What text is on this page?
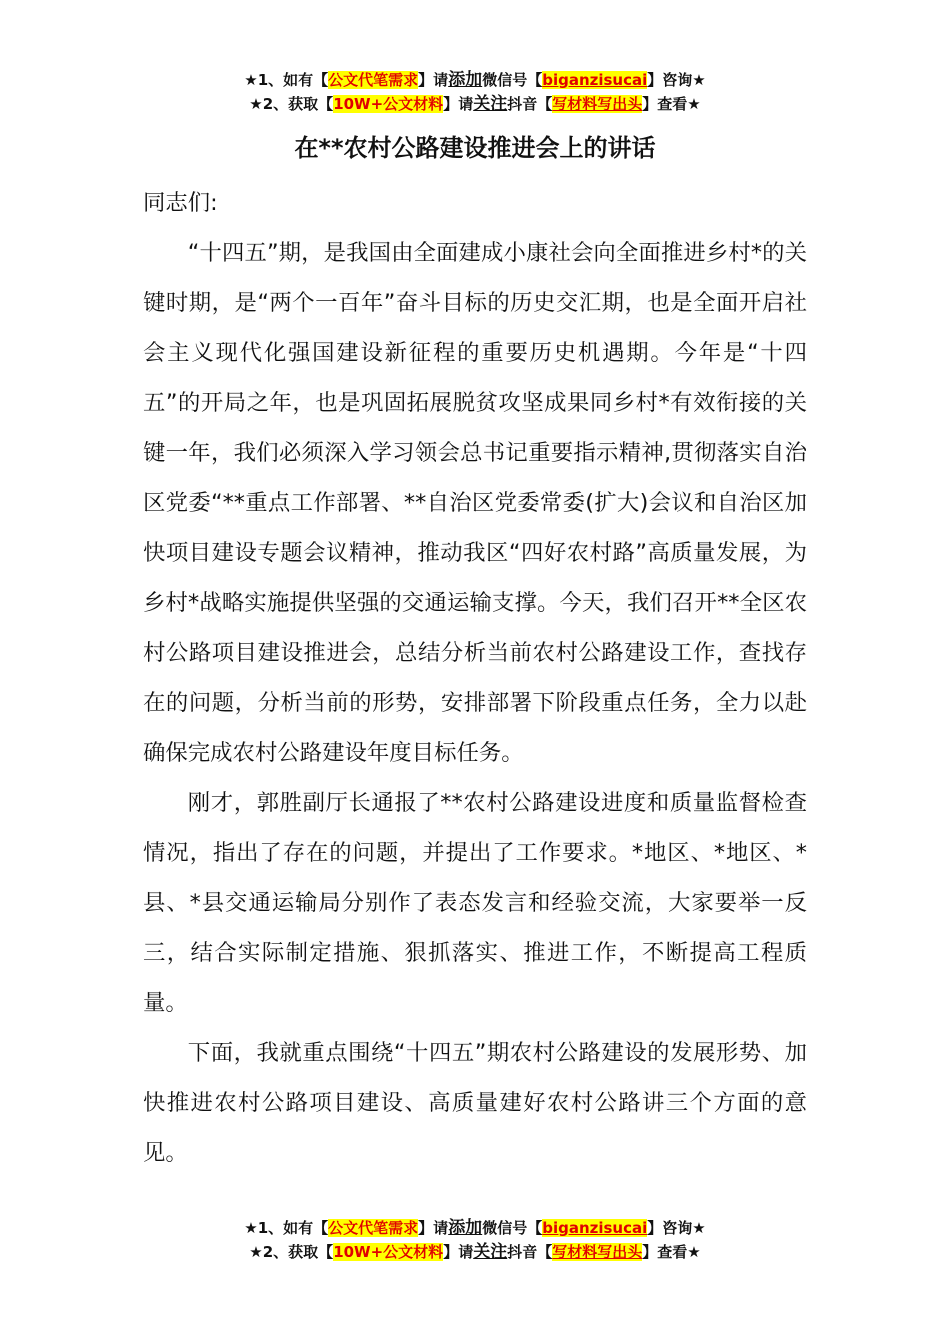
★1、如有【公文代笔需求】请添加微信号【biganzisucai】咨询★
★2、获取【10W+公文材料】请关注抖音【写材料写出头】查看★
在**农村公路建设推进会上的讲话

同志们:

“十四五”期，是我国由全面建成小康社会向全面推进乡村*的关键时期，是“两个一百年”奋斗目标的历史交汇期，也是全面开启社会主义现代化强国建设新征程的重要历史机遇期。今年是“十四五”的开局之年，也是巩固拓展脱贫攻坚成果同乡村*有效衔接的关键一年，我们必须深入学习领会总书记重要指示精神,贯彻落实自治区党委“**重点工作部署、**自治区党委常委(扩大)会议和自治区加快项目建设专题会议精神，推动我区“四好农村路”高质量发展，为乡村*战略实施提供坚强的交通运输支撑。今天，我们召开**全区农村公路项目建设推进会，总结分析当前农村公路建设工作，查找存在的问题，分析当前的形势，安排部署下阶段重点任务，全力以赴确保完成农村公路建设年度目标任务。

刚才，郭胜副厅长通报了**农村公路建设进度和质量监督检查情况，指出了存在的问题，并提出了工作要求。*地区、*地区、*县、*县交通运输局分别作了表态发言和经验交流，大家要举一反三，结合实际制定措施、狠抓落实、推进工作，不断提高工程质量。

下面，我就重点围绕“十四五”期农村公路建设的发展形势、加快推进农村公路项目建设、高质量建好农村公路讲三个方面的意见。

★1、如有【公文代笔需求】请添加微信号【biganzisucai】咨询★
★2、获取【10W+公文材料】请关注抖音【写材料写出头】查看★
